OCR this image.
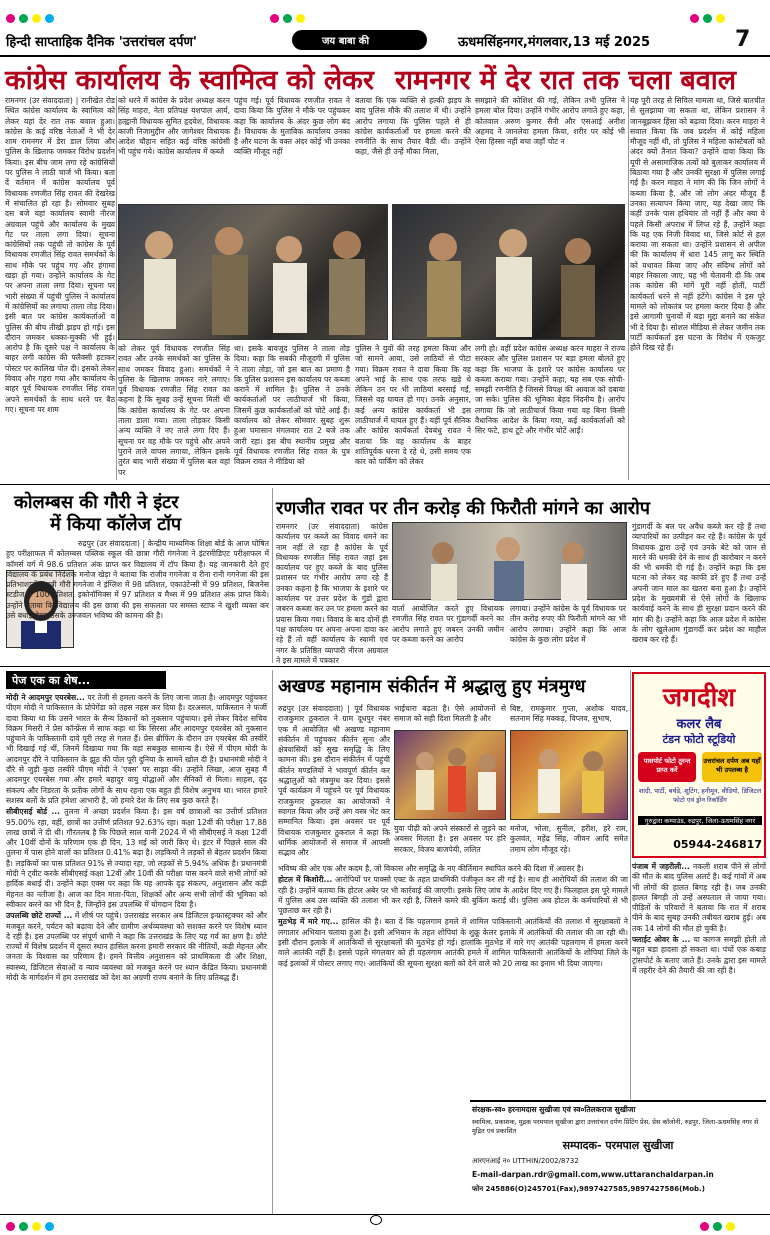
हिन्दी साप्ताहिक दैनिक 'उत्तरांचल दर्पण'	जय बाबा की	ऊधमसिंहनगर,मंगलवार,13 मई 2025	7
कांग्रेस कार्यालय के स्वामित्व को लेकर रामनगर में देर रात तक चला बवाल
रामनगर (उर संवाददाता) | रानीखेत रोड स्थित कांग्रेस कार्यालय के स्वामित्व को लेकर यहां देर रात तक बवाल हुआ। कांग्रेस के कई वरिष्ठ नेताओं ने भी देर शाम रामनगर में डेरा डाल लिया और पुलिस के खिलाफ जमकर विरोध प्रदर्शन किया। इस बीच जाम लगा रहे कांग्रेसियों पर पुलिस ने लाठी चार्ज भी किया। बता दें वर्तमान में कांग्रेस कार्यालय पूर्व विधायक रणजीत सिंह रावत की देखरेख में संचालित हो रहा है। सोमवार सुबह दस बजे यहां कार्यालय स्वामी नीरज अग्रवाल पहुंचे और कार्यालय के मुख्य गेट पर ताला लगा दिया। सूचना कांग्रेसियों तक पहुंची तो कांग्रेस के पूर्व विधायक रणजीत सिंह रावत समर्थकों के साथ मौके पर पहुंच गए और हंगामा खड़ा हो गया। उन्होंने कार्यालय के गेट पर अपना ताला लगा दिया। सूचना पर भारी संख्या में पहुंची पुलिस ने कार्यालय में कांग्रेसियों का लगाया ताला तोड़ दिया। इसी बात पर कांग्रेस कार्यकर्ताओं व पुलिस की बीच तीखी झड़प हो गई। इस दौरान जमकर धक्का-मुक्की भी हुई। आरोप है कि दूसरे पक्ष ने कार्यालय के बाहर लगी कांग्रेस की फ्लैक्सी हटाकर पोस्टर पर कालिख पोत दी। इसको लेकर विवाद और गहरा गया और कार्यालय के बाहर पूर्व विधायक रणजीत सिंह रावत अपने समर्थकों के साथ धरने पर बैठ गए। सूचना पर शाम
को धरने में कांग्रेस के प्रदेश अध्यक्ष करन सिंह माहरा, नेता प्रतिपक्ष यशपाल आर्य, हल्द्वानी विधायक सुमित हृदयेश, विधायक काजी निजामुद्दीन और जागेश्वर विधायक आदेश चौहान सहित कई वरिष्ठ कांग्रेसी भी पहुंच गये। कांग्रेस कार्यालय में कब्जे
पहुंच गई। पूर्व विधायक रणजीत रावत ने दावा किया कि पुलिस ने मौके पर पहुंचकर कहा कि कार्यालय के अंदर कुछ लोग बंद हैं। विधायक के मुताबिक कार्यालय उनका है और घटना के वक्त अंदर कोई भी उनका व्यक्ति मौजूद नहीं
बताया कि एक व्यक्ति से हल्की झड़प के बाद पुलिस मौके की तलाश में थी। उन्होंने आरोप लगाया कि पुलिस पहले से ही कांग्रेस कार्यकर्ताओं पर हमला करने की रणनीति के साथ तैयार बैठी थी। उन्होंने कहा, जैसे ही उन्हें मौका मिला,
समझाने की कोशिश की गई, लेकिन तभी पुलिस ने हमला बोल दिया। उन्होंने गंभीर आरोप लगाते हुए कहा, कोतवाल अरुण कुमार सैनी और एसआई अनीश अहमद ने जानलेवा हमला किया, शरीर पर कोई भी ऐसा हिस्सा नहीं बचा जहाँ चोट न
यह पूरी तरह से सिविल मामला था, जिसे बातचीत से सुलझाया जा सकता था, लेकिन प्रशासन ने जानबूझकर हिंसा को बढ़ावा दिया। करन माहरा ने सवाल किया कि जब प्रदर्शन में कोई महिला मौजूद नहीं थी, तो पुलिस ने महिला कांस्टेबलों को अंदर क्यों तैनात किया? उन्होंने दावा किया कि यूपी से असामाजिक तत्वों को बुलाकर कार्यालय में बिठाया गया है और उनकी सुरक्षा में पुलिस लगाई गई है। करन माहरा ने मांग की कि जिन लोगों ने कब्जा किया है, और जो लोग अंदर मौजूद हैं उनका सत्यापन किया जाए, यह देखा जाए कि कहीं उनके पास हथियार तो नहीं हैं और क्या वे पहले किसी अपराध में लिप्त रहे हैं, उन्होंने कहा कि यह एक निजी विवाद था, जिसे कोर्ट से हल कराया जा सकता था। उन्होंने प्रशासन से अपील की कि कार्यालय में धारा 145 लागू कर स्थिति को यथावत किया जाए और संदिग्ध लोगों को बाहर निकाला जाए, यह भी चेतावनी दी कि जब तक कांग्रेस की मांगें पूरी नहीं होतीं, पार्टी कार्यकर्ता धरने से नहीं हटेंगे। कांग्रेस ने इस पूरे मामले को लोकतंत्र पर हमला करार दिया है और इसे आगामी चुनावों में बड़ा मुद्दा बनाने का संकेत भी दे दिया है। सोशल मीडिया से लेकर जमीन तक पार्टी कार्यकर्ता इस घटना के विरोध में एकजुट होते दिख रहे हैं।
को लेकर पूर्व विधायक रणजीत सिंह रावत और उनके समर्थकों का पुलिस के साथ जमकर विवाद हुआ। समर्थकों ने पुलिस के खिलाफ जमकर नारे लगाए। पूर्व विधायक रणजीत सिंह रावत का कहना है कि सुबह उन्हें सूचना मिली थी कि कांग्रेस कार्यालय के गेट पर अपना ताला डाला गया। ताला तोड़कर किसी अन्य व्यक्ति ने नए ताले लगा दिए हैं। सूचना पर वह मौके पर पहुंचे और अपने पुराने ताले वापस लगाया, लेकिन इसके तुरंत बाद भारी संख्या में पुलिस बल वहां पर
था। इसके बावजूद पुलिस ने ताला तोड़ दिया। कहा कि सबकी मौजूदगी में पुलिस ने ताला तोड़ा, जो इस बात का प्रमाण है कि पुलिस प्रशासन इस कार्यालय पर कब्जा कराने में शामिल है। पुलिस ने उनके कार्यकर्ताओं पर लाठीचार्ज भी किया, जिसमें कुछ कार्यकर्ताओं को चोटें आई हैं। कार्यालय को लेकर सोमवार सुबह शुरू हुआ घमासान मंगलवार रात 2 बजे तक जारी रहा। इस बीच स्थानीय प्रमुख और पूर्व विधायक रणजीत सिंह रावत के पुत्र विक्रम रावत ने मीडिया को
पुलिस ने युवों की तरह हमला किया और जो सामने आया, उसे लाठियों से पीटा गया। विक्रम रावत ने दावा किया कि वह अपने भाई के साथ एक तरफ खड़े थे लेकिन उन पर भी लाठियां बरसाई गईं, जिससे वह घायल हो गए। उनके अनुसार, कई अन्य कांग्रेस कार्यकर्ता भी इस लाठीचार्ज में घायल हुए हैं। यहीं पूर्व सैनिक और कांग्रेस कार्यकर्ता देवबंधु रावत ने बताया कि वह कार्यालय के बाहर शांतिपूर्वक धरना दे रहे थे, उसी समय एक कार को पार्किंग को लेकर
लगी हो। वहीं प्रदेश कांग्रेस अध्यक्ष करन माहरा ने राज्य सरकार और पुलिस प्रशासन पर बड़ा हमला बोलते हुए कहा कि भाजपा के इशारे पर कांग्रेस कार्यालय पर कब्जा कराया गया। उन्होंने कहा, यह सब एक सोची-समझी रणनीति है जिससे विपक्ष की आवाज को दबाया जा सके। पुलिस की भूमिका बेहद निंदनीय है। आरोप लगाया कि जो लाठीचार्ज किया गया वह बिना किसी वैधानिक आदेश के किया गया, कई कार्यकर्ताओं को सिर फटे, हाथ टूटे और गंभीर चोटें आईं।
कोलम्बस की गौरी ने इंटर
में किया कॉलेज टॉप
रुद्रपुर (उर संवाददाता) | केन्द्रीय माध्यमिक शिक्षा बोर्ड के आज घोषित हुए परीक्षाफल में कोलम्बस पब्लिक स्कूल की छात्रा गौरी गंगनेजा ने इंटरमीडिएट परीक्षाफल में कॉमर्स वर्ग में 98.6 प्रतिशत अंक प्राप्त कर विद्यालय में टॉप किया है। यह जानकारी देते हुए विद्यालय के प्रबंध निदेशक मनोज खेड़ा ने बताया कि राजीव गगनेजा व रीना रानी गगनेजा की इस प्रतिभाशाली सुपुत्री गौरी गगनेजा ने इंग्लिश में 98 प्रतिशत, एकाउंटेन्सी में 99 प्रतिशत, बिजनेस स्टडीज में 100 प्रतिशत, इकोनॉमिक्स में 97 प्रतिशत व मैथ्स में 99 प्रतिशत अंक प्राप्त किये। उन्होंने बताया कि विद्यालय की इस छात्रा की इस सफलता पर समस्त स्टाफ ने खुशी व्यक्त कर उसे बधाई देकर उसके उज्जवल भविष्य की कामना की है।
रणजीत रावत पर तीन करोड़ की फिरौती मांगने का आरोप
रामनगर (उर संवाददाता) कांग्रेस कार्यालय पर कब्जे का विवाद थमने का नाम नहीं ले रहा है कांग्रेस के पूर्व विधायक रणजीत सिंह रावत जहां इस कार्यालय पर हुए कब्जे के बाद पुलिस प्रशासन पर गंभीर आरोप लगा रहे हैं उनका कहना है कि भाजपा के इशारे पर कार्यालय पर उत्तर प्रदेश के गुंडों द्वारा जबरन कब्जा कर उन पर हमला करने का प्रयास किया गया। विवाद के बाद दोनों ही पक्ष कार्यालय पर अपना अपना दावा कर रहे हैं तो वहीं कार्यालय के स्वामी एवं नगर के प्रतिष्ठित व्यापारी नीरज अग्रवाल ने इस मामले में पत्रकार
वार्ता आयोजित करते हुए विधायक रणजीत सिंह रावत पर गुंडागर्दी करने का आरोप लगाते हुए जबरन उनकी जमीन पर कब्जा करने का आरोप
लगाया। उन्होंने कांग्रेस के पूर्व विधायक पर तीन करोड़ रुपए की फिरौती मांगने का भी आरोप लगाया। उन्होंने कहा कि आज कांग्रेस के कुछ लोग प्रदेश में
गुंडागर्दी के बल पर अवैध कब्जे कर रहे हैं तथा व्यापारियों का उत्पीड़न कर रहे हैं। कांग्रेस के पूर्व विधायक द्वारा उन्हें एवं उनके बेटे को जान से मारने की धमकी देने के साथ ही कारोबार न करने की भी धमकी दी गई है। उन्होंने कहा कि इस घटना को लेकर वह काफी डरे हुए हैं तथा उन्हें अपनी जान माल का खतरा बना हुआ है। उन्होंने प्रदेश के मुख्यमंत्री से ऐसे लोगों के खिलाफ कार्यवाई करने के साथ ही सुरक्षा प्रदान करने की मांग की है। उन्होंने कहा कि आज प्रदेश में कांग्रेस के लोग खुलेआम गुंडागर्दी कर प्रदेश का माहौल खराब कर रहे हैं।
पेज एक का शेष...

मोदी ने आदमपुर एयरबेस... पर तेजी से हमला करने के लिए जाना जाता है। आदमपुर पहुंचकर पीएम मोदी ने पाकिस्तान के प्रोपेगेंडा को तहस नहस कर दिया है। दरअसल, पाकिस्तान ने फर्जी दावा किया था कि उसने भारत के सैन्य ठिकानों को नुकसान पहुंचाया। इसे लेकर विदेश सचिव विक्रम मिसरी ने प्रेस कॉन्फ्रेंस में साफ कहा था कि सिरसा और आदमपुर एयरबेस को नुकसान पहुंचाने के पाकिस्तानी दावे पूरी तरह से गलत हैं। प्रेस ब्रीफिंग के दौरान उन एयरबेस की तस्वीरें भी दिखाई गई थीं, जिनमें दिखाया गया कि वहां सबकुछ सामान्य है। ऐसे में पीएम मोदी के आदमपुर दौरे ने पाकिस्तान के झूठ की पोल पूरी दुनिया के सामने खोल दी है। प्रधानमंत्री मोदी ने दौरे से जुड़ी कुछ तस्वीरें पीएम मोदी ने 'एक्स' पर साझा की। उन्होंने लिखा, आज सुबह मैं आदमपुर एयरबेस गया और हमारे बहादुर वायु योद्धाओं और सैनिकों से मिला। साहस, दृढ़ संकल्प और निडरता के प्रतीक लोगों के साथ रहना एक बहुत ही विशेष अनुभव था। भारत हमारे सशस्त्र बलों के प्रति हमेशा आभारी है, जो हमारे देश के लिए सब कुछ करते हैं।

सीबीएसई बोर्ड ... तुलना में अच्छा प्रदर्शन किया है। इस वर्ष छात्राओं का उत्तीर्ण प्रतिशत 95.00% रहा, वहीं, छात्रों का उत्तीर्ण प्रतिशत 92.63% रहा। कक्षा 12वीं की परीक्षा 17.88 लाख छात्रों ने दी थी। गौरतलब है कि पिछले साल यानी 2024 में भी सीबीएसई ने कक्षा 12वीं और 10वीं दोनों के परिणाम एक ही दिन, 13 मई को जारी किए थे। इंटर में पिछले साल की तुलना में पास होने वालों का प्रतिशत 0.41% बढ़ा है। लड़कियों ने लड़कों से बेहतर प्रदर्शन किया है। लड़कियों का पास प्रतिशत 91% से ज्यादा रहा, जो लड़कों से 5.94% अधिक है। प्रधानमंत्री मोदी ने ट्वीट करके सीबीएसई कक्षा 12वीं और 10वीं की परीक्षा पास करने वाले सभी लोगों को हार्दिक बधाई दी। उन्होंने कहा एक्स पर कहा कि यह आपके दृढ़ संकल्प, अनुशासन और कड़ी मेहनत का नतीजा है। आज का दिन माता-पिता, शिक्षकों और अन्य सभी लोगों की भूमिका को स्वीकार करने का भी दिन है, जिन्होंने इस उपलब्धि में योगदान दिया है।

उपलब्धि छोटे राज्यों ... में शीर्ष पर पहुंचे। उत्तराखंड सरकार अब डिजिटल इन्फ्रास्ट्रक्चर को और मजबूत करने, पर्यटन को बढ़ावा देने और ग्रामीण अर्थव्यवस्था को सशक्त करने पर विशेष ध्यान दे रही है। इस उपलब्धि पर संपूर्ण धामी ने कहा कि उत्तराखंड के लिए यह गर्व का क्षण है। छोटे राज्यों में विशेष प्रदर्शन में दूसरा स्थान हासिल करना हमारी सरकार की नीतियों, कड़ी मेहनत और जनता के विश्वास का परिणाम है। हमने वित्तीय अनुशासन को प्राथमिकता दी और शिक्षा, स्वास्थ्य, डिजिटल सेवाओं व न्याय व्यवस्था को मजबूत करने पर ध्यान केंद्रित किया। प्रधानमंत्री मोदी के मार्गदर्शन में हम उत्तराखंड को देश का अग्रणी राज्य बनाने के लिए प्रतिबद्ध हैं।

अखण्ड महानाम संकीर्तन में श्रद्धालु हुए मंत्रमुग्ध
रुद्रपुर (उर संवाददाता) | पूर्व विधायक राजकुमार ठुकराल ने ग्राम दूधपुर नंबर एक में आयोजित श्री अखण्ड महानाम संकीर्तन में पहुंचकर कीर्तन सुना और क्षेत्रवासियों को सुख समृद्धि के लिए कामना की। इस दौरान संकीर्तन में पहुंची कीर्तन मण्डलियों ने भावपूर्ण कीर्तन कर श्रद्धालुओं को मंत्रमुग्ध कर दिया। इससे पूर्व कार्यक्रम में पहुंचने पर पूर्व विधायक राजकुमार ठुकराल का आयोजकों ने स्वागत किया और उन्हें अंग वस्त्र भेंट कर सम्मानित किया। इस अवसर पर पूर्व विधायक राजकुमार ठुकराल ने कहा कि धार्मिक आयोजनों से समाज में आपसी सद्भाव और
भाईचारा बढ़ता है। ऐसे आयोजनों से समाज को सही दिशा मिलती है और
बिष्ट, रामकुमार गुप्ता, अशोक यादव, सतनाम सिंह मक्कड़, विप्लव, सुभाष,
युवा पीढ़ी को अपने संस्कारों से जुड़ने का अवसर मिलता है। इस अवसर पर हरि सरकार, विजय बाजपेयी, ललित
मनोज, भोला, सुनील, हरीश, हरे राम, कुलवंत, महेंद्र सिंह, जीवन आदि समेत तमाम लोग मौजूद रहे।

भविष्य की ओर एक और कदम है, जो विकास और समृद्धि के नए कीर्तिमान स्थापित करने की दिशा में अग्रसर है।

होटल में किशोरी... आरोपियों पर पाक्सो एक्ट के तहत प्राथमिकी पंजीकृत कर ली गई है। साथ ही आरोपियों की तलाश की जा रही है। उन्होंने बताया कि होटल अबेर पर भी कार्रवाई की जाएगी। इसके लिए जांच के आदेश दिए गए हैं। फिलहाल इस पूरे मामले में पुलिस अब उस व्यक्ति की तलाश भी कर रही है, जिसने कमरे की बुकिंग कराई थी। पुलिस अब होटल के कर्मचारियों से भी पूछताछ कर रही है।

मुठभेड़ में मारे गए... हासिल की है। बता दें कि पहलगाम हमले में शामिल पाकिस्तानी आतंकियों की तलाश में सुरक्षाबलों ने लगातार अभियान चलाया हुआ है। इसी अभियान के तहत शोपियां के शुक्रू केलर इलाके में आतंकियों की तलाश की जा रही थी। इसी दौरान इलाके में आतंकियों से सुरक्षाबलों की मुठभेड़ हो गई। हालांकि मुठभेड़ में मारे गए आतंकी पहलगाम में हमला करने वाले आतंकी नहीं हैं। इससे पहले मंगलवार को ही पहलगाम आतंकी हमले में शामिल पाकिस्तानी आतंकियों के शोपियां जिले के कई इलाकों में पोस्टर लगाए गए। आतंकियों की सूचना सुरक्षा बलों को देने वाले को 20 लाख का इनाम भी दिया जाएगा।

जगदीश
कलर लैब
टंडन फोटो स्टूडियो
पासपोर्ट फोटो तुरन्त प्राप्त करें
उत्तरांचल दर्पण अब यहाँ भी उपलब्ध है
शादी, पार्टी, बर्थडे, शूटिंग, हनीमून, वीडियो, डिजिटल फोटो एवं ड्रोन रिकॉर्डिंग
गुरुद्वारा कम्पाउंड, रुद्रपुर, जिला-ऊधमसिंह नगर
05944-246817

पंजाब में जहरीली... नकली शराब पीने से लोगों की मौत के बाद पुलिस अलर्ट है। कई गांवों में अब भी लोगों की हालत बिगड़ रही है। जब उनकी हालत बिगड़ी तो उन्हें अस्पताल ले जाया गया। पीड़ितों के परिवारों ने बताया कि रात में शराब पीने के बाद सुबह उनकी तबीयत खराब हुई। अब तक 14 लोगों की मौत हो चुकी है।

फ्लाईट ओवर के ... या कागज समझी होती तो बहुत बड़ा हादसा हो सकता था। पंचों एक कबाड़ ट्रांसपोर्ट के बताए जाते हैं। उनके द्वारा इस मामले में तहरीर देने की तैयारी की जा रही है।

संरक्षक-स्व० हरनामदास सुखीजा एवं स्व०तिलकराज सुखीजा
स्वामित्व, प्रकाशक, मुद्रक परमपाल सुखीजा द्वारा उत्तरांचल दर्पण प्रिंटिंग प्रेस, प्रेस कॉलोनी, रुद्रपुर, जिला-ऊधमसिंह नगर से मुद्रित एवं प्रकाशित
सम्पादक- परमपाल सुखीजा
आरएनआई न० UTTHIN/2002/8732
E-mail-darpan.rdr@gmail.com,www.uttaranchaldarpan.in
फोन 245886(O)245701(Fax),9897427585,9897427586(Mob.)
